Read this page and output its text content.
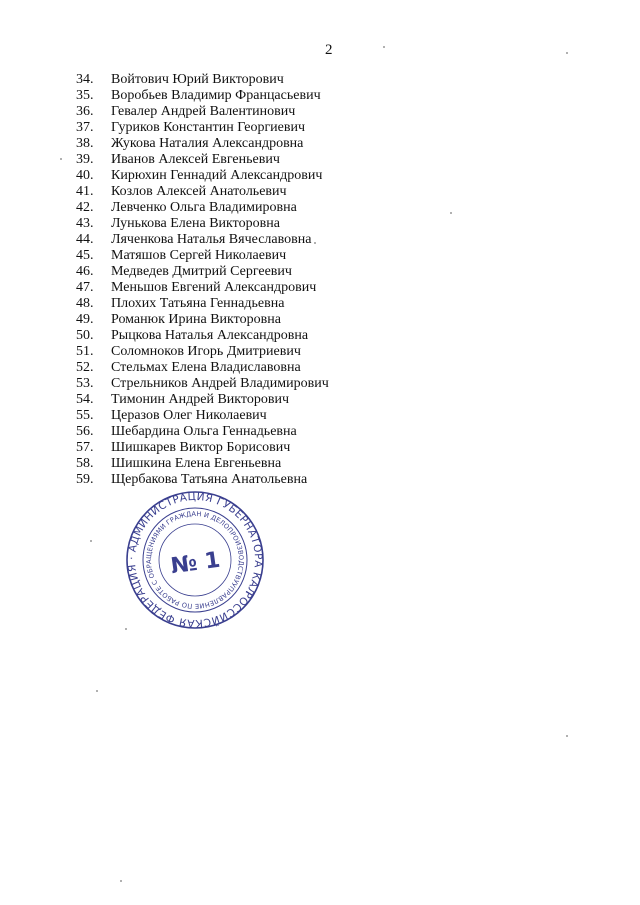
2
34. Войтович Юрий Викторович
35. Воробьев Владимир Францасьевич
36. Гевалер Андрей Валентинович
37. Гуриков Константин Георгиевич
38. Жукова Наталия Александровна
39. Иванов Алексей Евгеньевич
40. Кирюхин Геннадий Александрович
41. Козлов Алексей Анатольевич
42. Левченко Ольга Владимировна
43. Лунькова Елена Викторовна
44. Ляченкова Наталья Вячеславовна
45. Матяшов Сергей Николаевич
46. Медведев Дмитрий Сергеевич
47. Меньшов Евгений Александрович
48. Плохих Татьяна Геннадьевна
49. Романюк Ирина Викторовна
50. Рыцкова Наталья Александровна
51. Соломноков Игорь Дмитриевич
52. Стельмах Елена Владиславовна
53. Стрельников Андрей Владимирович
54. Тимонин Андрей Викторович
55. Церазов Олег Николаевич
56. Шебардина Ольга Геннадьевна
57. Шишкарев Виктор Борисович
58. Шишкина Елена Евгеньевна
59. Щербакова Татьяна Анатольевна
РОССИЙСКАЯ ФЕДЕРАЦИЯ · АДМИНИСТРАЦИЯ ГУБЕРНАТОРА КАЛУЖСКОЙ
УПРАВЛЕНИЕ ПО РАБОТЕ С ОБРАЩЕНИЯМИ ГРАЖДАН И ДЕЛОПРОИЗВОДСТВУ
№ 1
